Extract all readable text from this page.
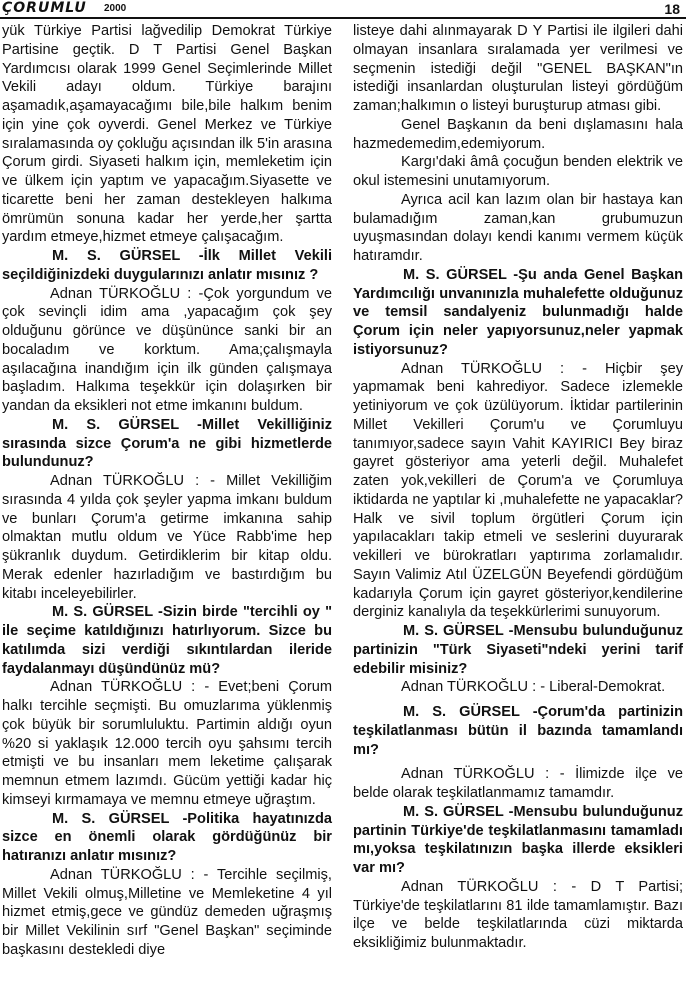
ÇORUMLU 2000	18

yük Türkiye Partisi lağvedilip Demokrat Türkiye Partisine geçtik. D T Partisi Genel Başkan Yardımcısı olarak 1999 Genel Seçimlerinde Millet Vekili adayı oldum. Türkiye barajını aşamadık,aşamayacağımı bile,bile halkım benim için yine çok oyverdi. Genel Merkez ve Türkiye sıralamasında oy çokluğu açısından ilk 5'in arasına Çorum girdi. Siyaseti halkım için, memleketim için ve ülkem için yaptım ve yapacağım.Siyasette ve ticarette beni her zaman destekleyen halkıma ömrümün sonuna kadar her yerde,her şartta yardım etmeye,hizmet etmeye çalışacağım.

M. S. GÜRSEL -İlk Millet Vekili seçildiğinizdeki duygularınızı anlatır mısınız ?

Adnan TÜRKOĞLU : -Çok yorgundum ve çok sevinçli idim ama ,yapacağım çok şey olduğunu görünce ve düşününce sanki bir an bocaladım ve korktum. Ama;çalışmayla aşılacağına inandığım için ilk günden çalışmaya başladım. Halkıma teşekkür için dolaşırken bir yandan da eksikleri not etme imkanını buldum.

M. S. GÜRSEL -Millet Vekilliğiniz sırasında sizce Çorum'a ne gibi hizmetlerde bulundunuz?

Adnan TÜRKOĞLU : - Millet Vekilliğim sırasında 4 yılda çok şeyler yapma imkanı buldum ve bunları Çorum'a getirme imkanına sahip olmaktan mutlu oldum ve Yüce Rabb'ime hep şükranlık duydum. Getirdiklerim bir kitap oldu. Merak edenler hazırladığım ve bastırdığım bu kitabı inceleyebilirler.

M. S. GÜRSEL -Sizin birde "tercihli oy " ile seçime katıldığınızı hatırlıyorum. Sizce bu katılımda sizi verdiği sıkıntılardan ileride faydalanmayı düşündünüz mü?

Adnan TÜRKOĞLU : - Evet;beni Çorum halkı tercihle seçmişti. Bu omuzlarıma yüklenmiş çok büyük bir sorumluluktu. Partimin aldığı oyun %20 si yaklaşık 12.000 tercih oyu şahsımı tercih etmişti ve bu insanları mem leketime çalışarak memnun etmem lazımdı. Gücüm yettiği kadar hiç kimseyi kırmamaya ve memnu etmeye uğraştım.

M. S. GÜRSEL -Politika hayatınızda sizce en önemli olarak gördüğünüz bir hatıranızı anlatır mısınız?

Adnan TÜRKOĞLU : - Tercihle seçilmiş, Millet Vekili olmuş,Milletine ve Memleketine 4 yıl hizmet etmiş,gece ve gündüz demeden uğraşmış bir Millet Vekilinin sırf "Genel Başkan" seçiminde başkasını destekledi diye

listeye dahi alınmayarak D Y Partisi ile ilgileri dahi olmayan insanlara sıralamada yer verilmesi ve seçmenin istediği değil "GENEL BAŞKAN"ın istediği insanlardan oluşturulan listeyi gördüğüm zaman;halkımın o listeyi buruşturup atması gibi.

Genel Başkanın da beni dışlamasını hala hazmedemedim,edemiyorum.

Kargı'daki âmâ çocuğun benden elektrik ve okul istemesini unutamıyorum.

Ayrıca acil kan lazım olan bir hastaya kan bulamadığım zaman,kan grubumuzun uyuşmasından dolayı kendi kanımı vermem küçük hatıramdır.

M. S. GÜRSEL -Şu anda Genel Başkan Yardımcılığı unvanınızla muhalefette olduğunuz ve temsil sandalyeniz bulunmadığı halde Çorum için neler yapıyorsunuz,neler yapmak istiyorsunuz?

Adnan TÜRKOĞLU : - Hiçbir şey yapmamak beni kahrediyor. Sadece izlemekle yetiniyorum ve çok üzülüyorum. İktidar partilerinin Millet Vekilleri Çorum'u ve Çorumluyu tanımıyor,sadece sayın Vahit KAYIRICI Bey biraz gayret gösteriyor ama yeterli değil. Muhalefet zaten yok,vekilleri de Çorum'a ve Çorumluya iktidarda ne yaptılar ki ,muhalefette ne yapacaklar? Halk ve sivil toplum örgütleri Çorum için yapılacakları takip etmeli ve seslerini duyurarak vekilleri ve bürokratları yaptırıma zorlamalıdır. Sayın Valimiz Atıl ÜZELGÜN Beyefendi gördüğüm kadarıyla Çorum için gayret gösteriyor,kendilerine derginiz kanalıyla da teşekkürlerimi sunuyorum.

M. S. GÜRSEL -Mensubu bulunduğunuz partinizin "Türk Siyaseti"ndeki yerini tarif edebilir misiniz?

Adnan TÜRKOĞLU : - Liberal-Demokrat.

M. S. GÜRSEL -Çorum'da partinizin teşkilatlanması bütün il bazında tamamlandı mı?

Adnan TÜRKOĞLU : - İlimizde ilçe ve belde olarak teşkilatlanmamız tamamdır.

M. S. GÜRSEL -Mensubu bulunduğunuz partinin Türkiye'de teşkilatlanmasını tamamladı mı,yoksa teşkilatınızın başka illerde eksikleri var mı?

Adnan TÜRKOĞLU : - D T Partisi; Türkiye'de teşkilatlarını 81 ilde tamamlamıştır. Bazı ilçe ve belde teşkilatlarında cüzi miktarda eksikliğimiz bulunmaktadır.
